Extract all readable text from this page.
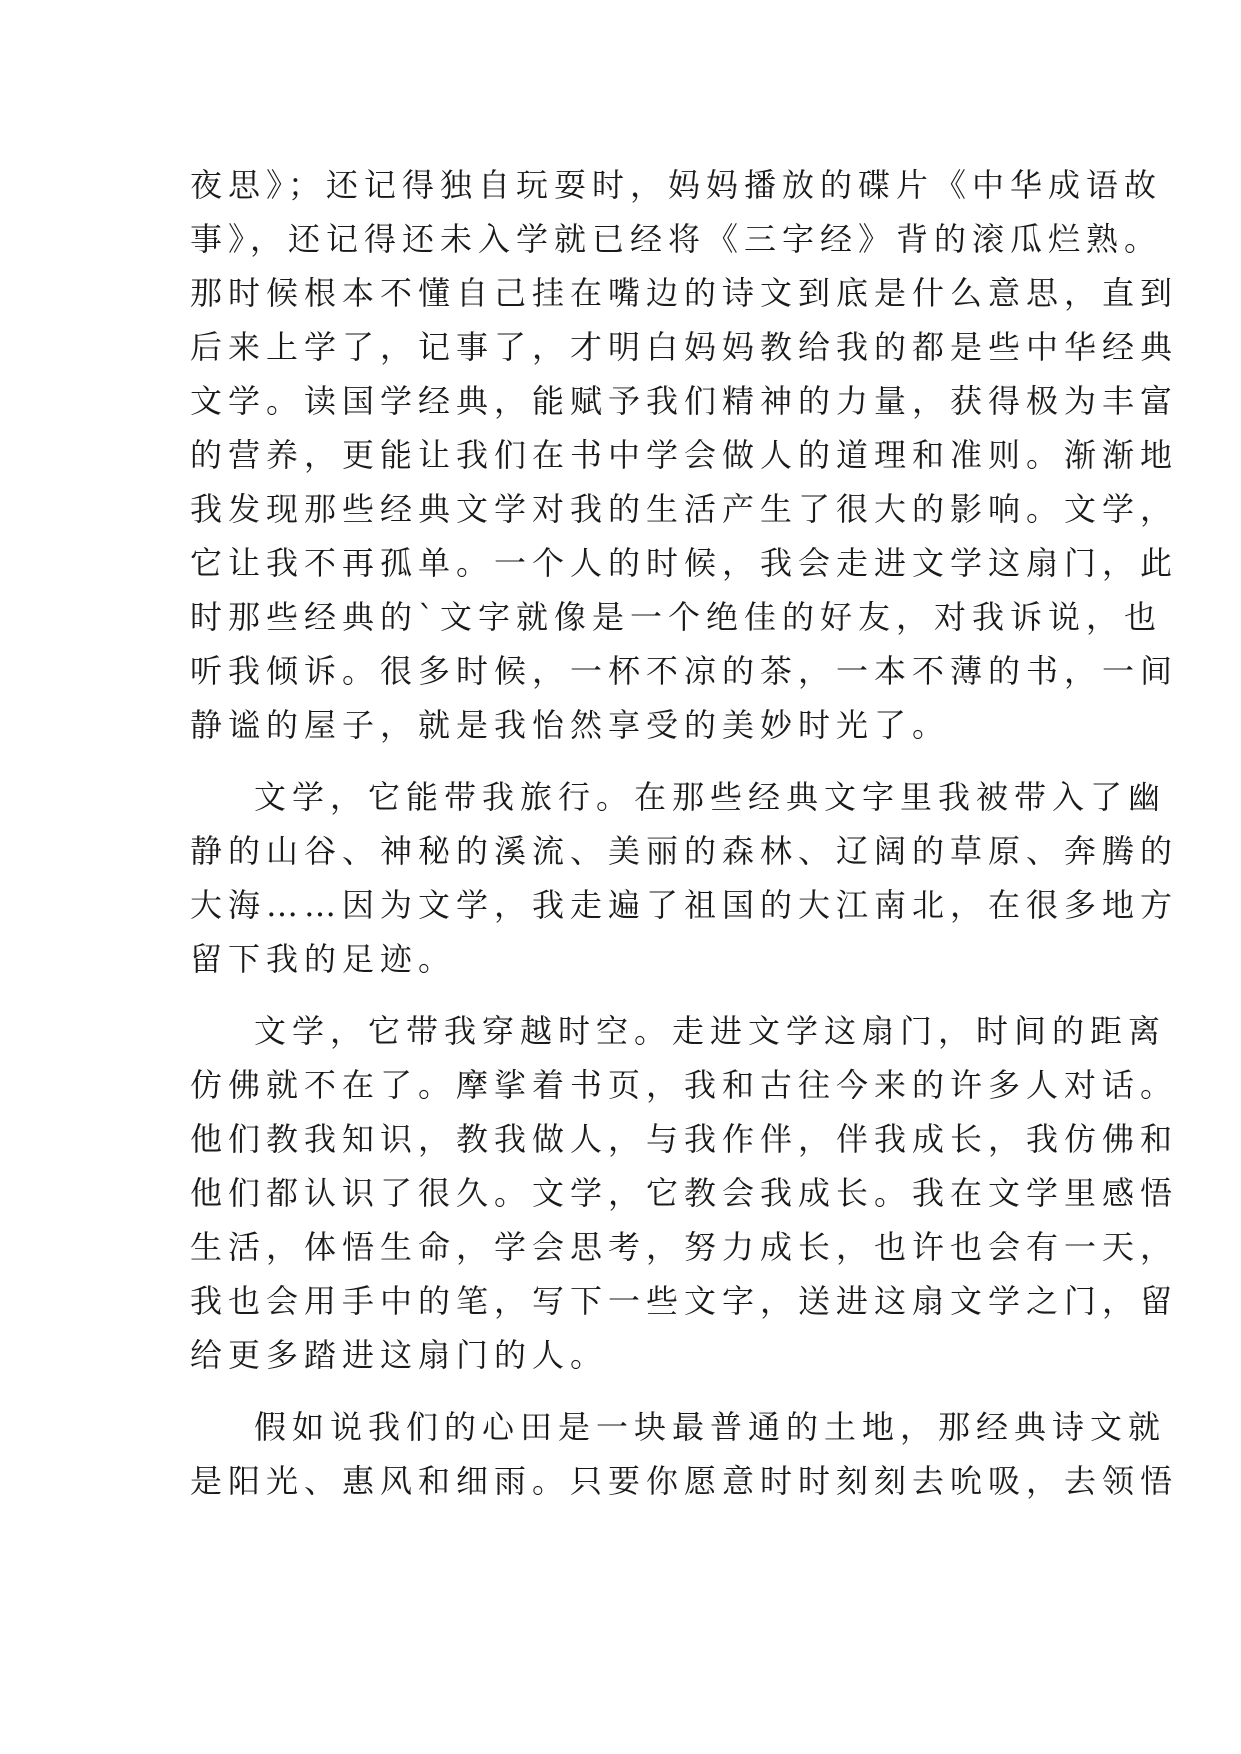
夜思》；还记得独自玩耍时，妈妈播放的碟片《中华成语故
事》，还记得还未入学就已经将《三字经》背的滚瓜烂熟。
那时候根本不懂自己挂在嘴边的诗文到底是什么意思，直到
后来上学了，记事了，才明白妈妈教给我的都是些中华经典
文学。读国学经典，能赋予我们精神的力量，获得极为丰富
的营养，更能让我们在书中学会做人的道理和准则。渐渐地
我发现那些经典文学对我的生活产生了很大的影响。文学，
它让我不再孤单。一个人的时候，我会走进文学这扇门，此
时那些经典的`文字就像是一个绝佳的好友，对我诉说，也
听我倾诉。很多时候，一杯不凉的茶，一本不薄的书，一间
静谧的屋子，就是我怡然享受的美妙时光了。
文学，它能带我旅行。在那些经典文字里我被带入了幽
静的山谷、神秘的溪流、美丽的森林、辽阔的草原、奔腾的
大海……因为文学，我走遍了祖国的大江南北，在很多地方
留下我的足迹。
文学，它带我穿越时空。走进文学这扇门，时间的距离
仿佛就不在了。摩挲着书页，我和古往今来的许多人对话。
他们教我知识，教我做人，与我作伴，伴我成长，我仿佛和
他们都认识了很久。文学，它教会我成长。我在文学里感悟
生活，体悟生命，学会思考，努力成长，也许也会有一天，
我也会用手中的笔，写下一些文字，送进这扇文学之门，留
给更多踏进这扇门的人。
假如说我们的心田是一块最普通的土地，那经典诗文就
是阳光、惠风和细雨。只要你愿意时时刻刻去吮吸，去领悟
